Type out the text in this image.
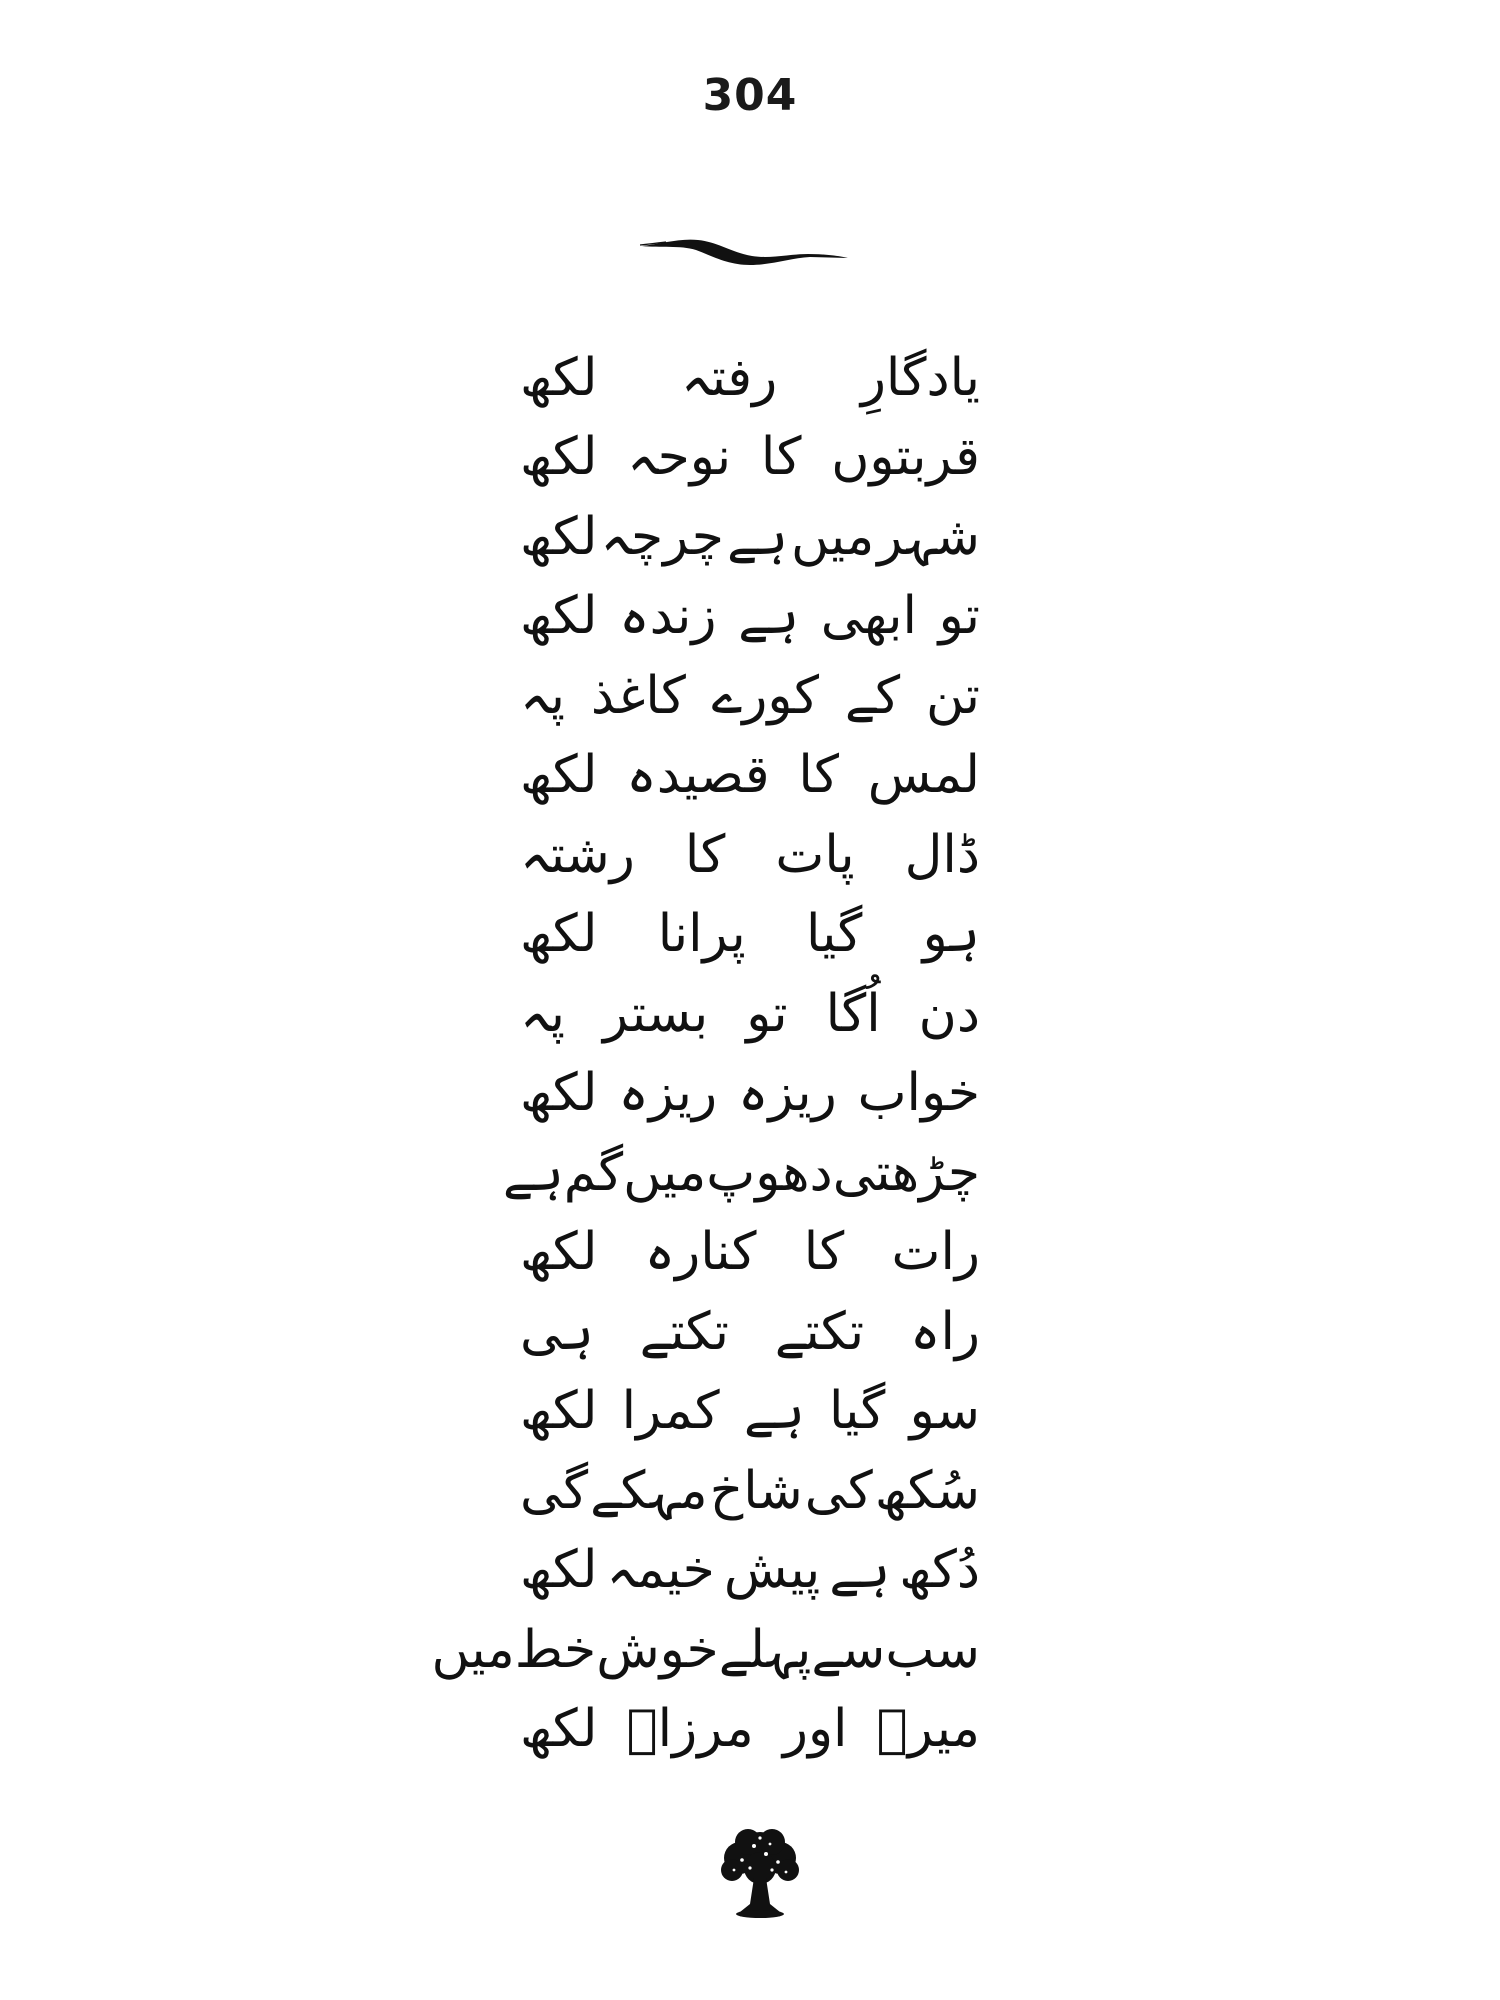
304
یادگارِ
رفتہ
لکھ
قربتوں
کا
نوحہ
لکھ
شہر
میں
ہے
چرچہ
لکھ
تو
ابھی
ہے
زندہ
لکھ
تن
کے
کورے
کاغذ
پہ
لمس
کا
قصیدہ
لکھ
ڈال
پات
کا
رشتہ
ہو
گیا
پرانا
لکھ
دن
اُگا
تو
بستر
پہ
خواب
ریزہ
ریزہ
لکھ
چڑھتی
دھوپ
میں
گم
ہے
رات
کا
کنارہ
لکھ
راہ
تکتے
تکتے
ہی
سو
گیا
ہے
کمرا
لکھ
سُکھ
کی
شاخ
مہکے
گی
دُکھ
ہے
پیش
خیمہ
لکھ
سب
سے
پہلے
خوش
خط
میں
میرؔ
اور
مرزاؔ
لکھ
